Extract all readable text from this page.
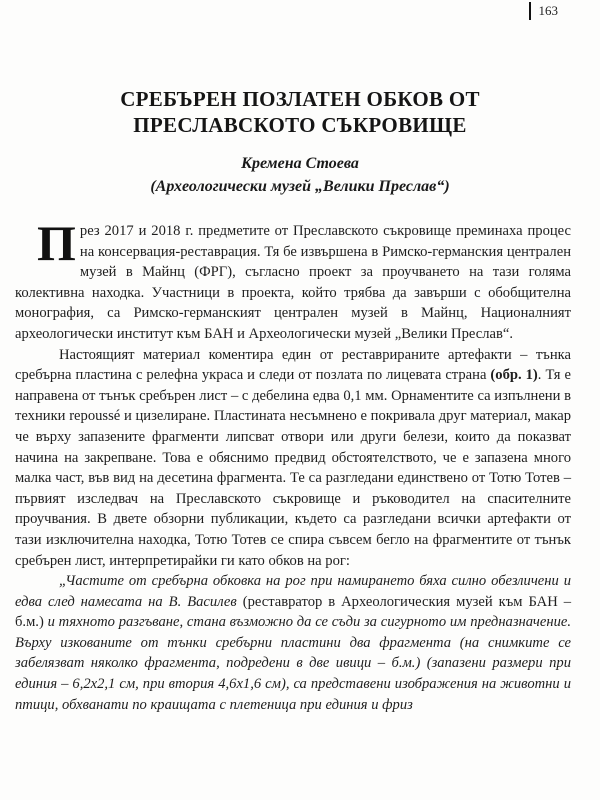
163
СРЕБЪРЕН ПОЗЛАТЕН ОБКОВ ОТ
ПРЕСЛАВСКОТО СЪКРОВИЩЕ
Кремена Стоева
(Археологически музей „Велики Преслав“)

През 2017 и 2018 г. предметите от Преславското съкровище преминаха процес на консервация-реставрация. Тя бе извършена в Римско-германския централен музей в Майнц (ФРГ), съгласно проект за проучването на тази голяма колективна находка. Участници в проекта, който трябва да завърши с обобщителна монография, са Римско-германският централен музей в Майнц, Националният археологически институт към БАН и Археологически музей „Велики Преслав“.

Настоящият материал коментира един от реставрираните артефакти – тънка сребърна пластина с релефна украса и следи от позлата по лицевата страна (обр. 1). Тя е направена от тънък сребърен лист – с дебелина едва 0,1 мм. Орнаментите са изпълнени в техники repoussé и цизелиране. Пластината несъмнено е покривала друг материал, макар че върху запазените фрагменти липсват отвори или други белези, които да показват начина на закрепване. Това е обяснимо предвид обстоятелството, че е запазена много малка част, във вид на десетина фрагмента. Те са разгледани единствено от Тотю Тотев – първият изследвач на Преславското съкровище и ръководител на спасителните проучвания. В двете обзорни публикации, където са разгледани всички артефакти от тази изключителна находка, Тотю Тотев се спира съвсем бегло на фрагментите от тънък сребърен лист, интерпретирайки ги като обков на рог:

„Частите от сребърна обковка на рог при намирането бяха силно обезличени и едва след намесата на В. Василев (реставратор в Археологическия музей към БАН – б.м.) и тяхното разгъване, стана възможно да се съди за сигурното им предназначение. Върху изкованите от тънки сребърни пластини два фрагмента (на снимките се забелязват няколко фрагмента, подредени в две ивици – б.м.) (запазени размери при единия – 6,2х2,1 см, при втория 4,6х1,6 см), са представени изображения на животни и птици, обхванати по краищата с плетеница при единия и фриз
